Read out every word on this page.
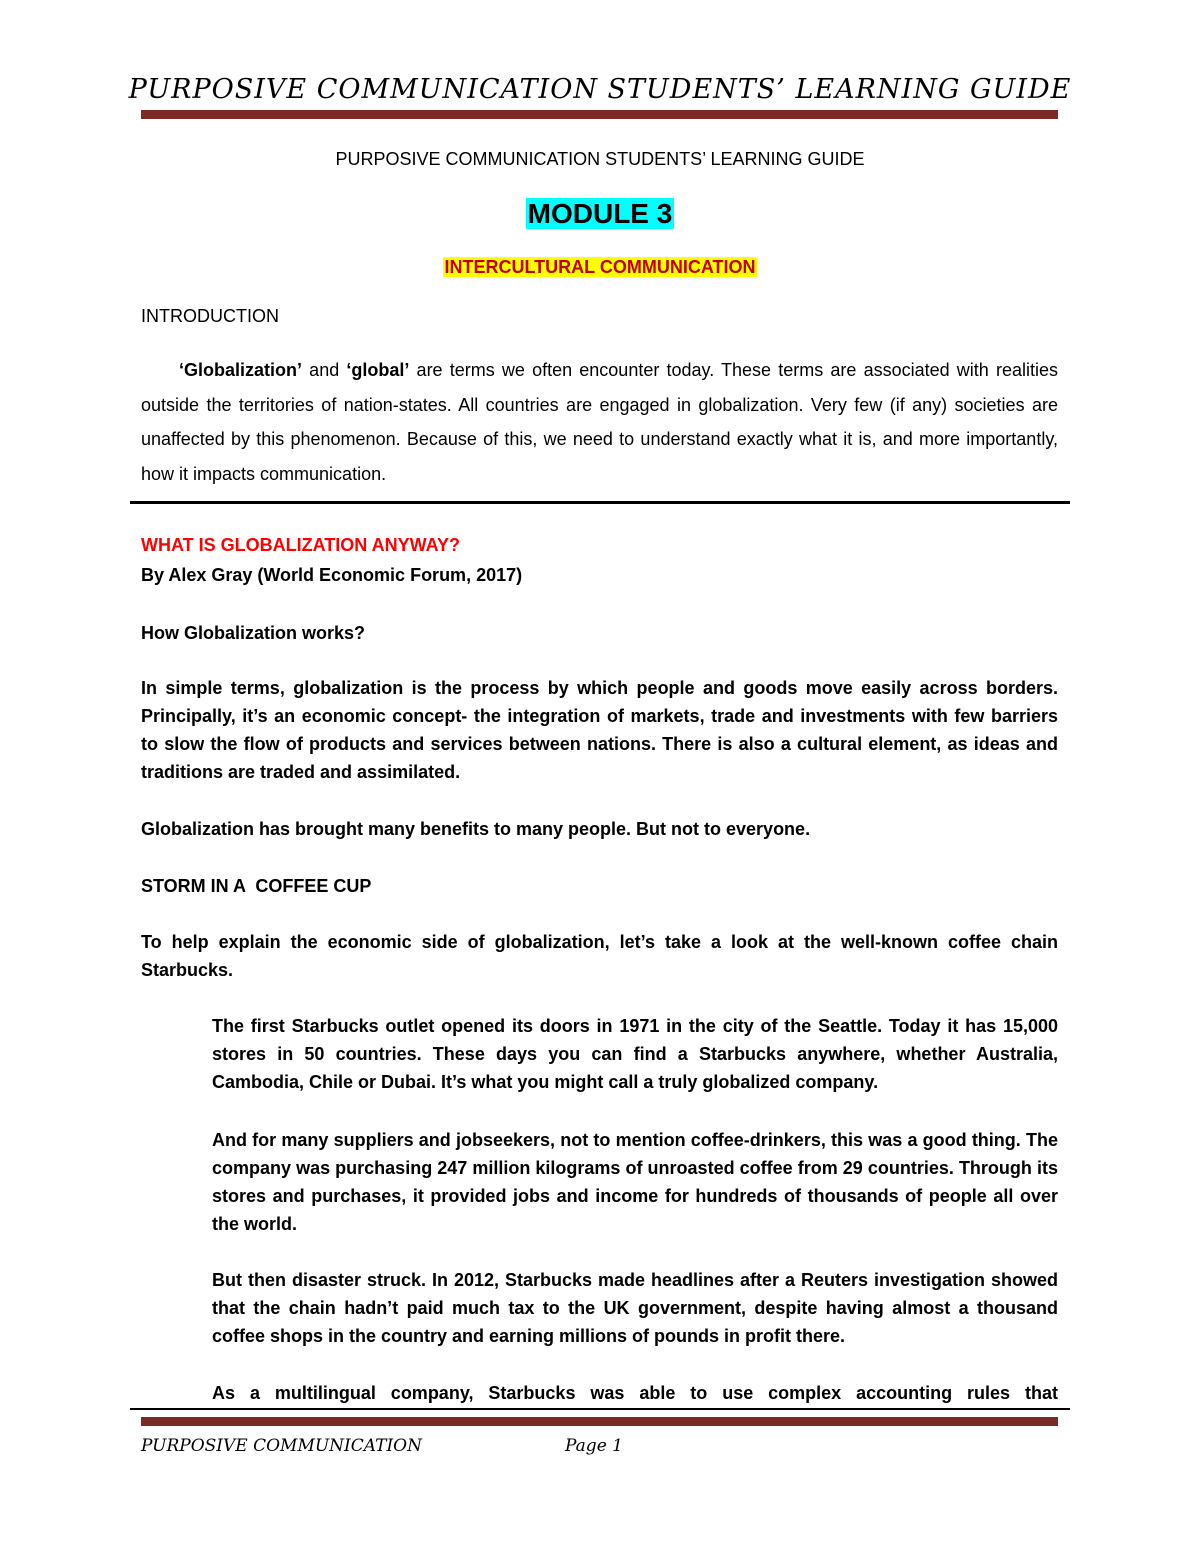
PURPOSIVE COMMUNICATION STUDENTS’ LEARNING GUIDE
PURPOSIVE COMMUNICATION STUDENTS’ LEARNING GUIDE
MODULE 3
INTERCULTURAL COMMUNICATION
INTRODUCTION
‘Globalization’ and ‘global’ are terms we often encounter today. These terms are associated with realities outside the territories of nation-states. All countries are engaged in globalization. Very few (if any) societies are unaffected by this phenomenon. Because of this, we need to understand exactly what it is, and more importantly, how it impacts communication.
WHAT IS GLOBALIZATION ANYWAY?
By Alex Gray (World Economic Forum, 2017)
How Globalization works?
In simple terms, globalization is the process by which people and goods move easily across borders. Principally, it’s an economic concept- the integration of markets, trade and investments with few barriers to slow the flow of products and services between nations. There is also a cultural element, as ideas and traditions are traded and assimilated.
Globalization has brought many benefits to many people. But not to everyone.
STORM IN A  COFFEE CUP
To help explain the economic side of globalization, let’s take a look at the well-known coffee chain Starbucks.
The first Starbucks outlet opened its doors in 1971 in the city of the Seattle. Today it has 15,000 stores in 50 countries. These days you can find a Starbucks anywhere, whether Australia, Cambodia, Chile or Dubai. It’s what you might call a truly globalized company.
And for many suppliers and jobseekers, not to mention coffee-drinkers, this was a good thing. The company was purchasing 247 million kilograms of unroasted coffee from 29 countries. Through its stores and purchases, it provided jobs and income for hundreds of thousands of people all over the world.
But then disaster struck. In 2012, Starbucks made headlines after a Reuters investigation showed that the chain hadn’t paid much tax to the UK government, despite having almost a thousand coffee shops in the country and earning millions of pounds in profit there.
As a multilingual company, Starbucks was able to use complex accounting rules that
PURPOSIVE COMMUNICATION	Page 1
